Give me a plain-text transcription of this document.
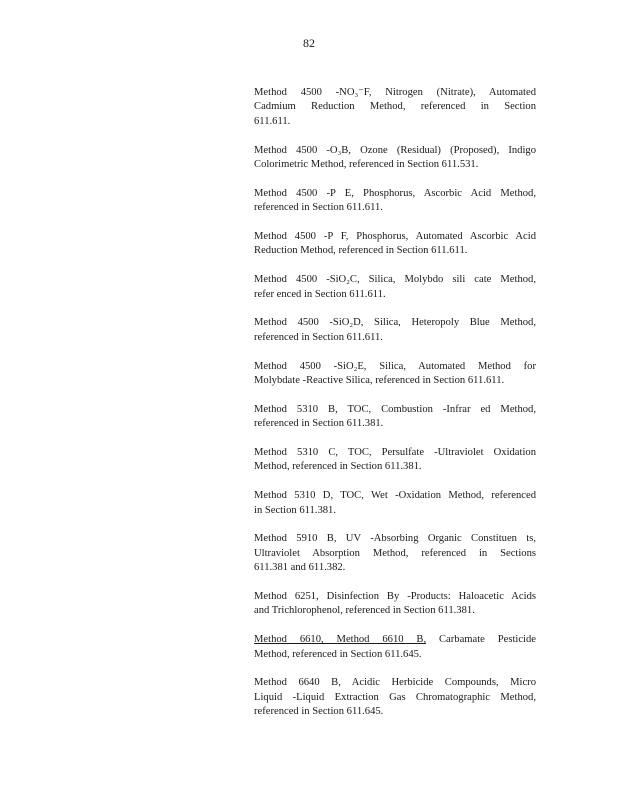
82
Method 4500 -NO₃⁻F, Nitrogen (Nitrate), Automated
Cadmium Reduction Method, referenced in Section
611.611.
Method 4500 -O₃B, Ozone (Residual) (Proposed), Indigo
Colorimetric Method, referenced in Section 611.531.
Method 4500 -P E, Phosphorus, Ascorbic Acid Method,
referenced in Section 611.611.
Method 4500 -P F, Phosphorus, Automated Ascorbic Acid
Reduction Method, referenced in Section 611.611.
Method 4500 -SiO₂C, Silica, Molybdo sili cate Method,
refer enced in Section 611.611.
Method 4500 -SiO₂D, Silica, Heteropoly Blue Method,
referenced in Section 611.611.
Method 4500 -SiO₂E, Silica, Automated Method for
Molybdate -Reactive Silica, referenced in Section 611.611.
Method 5310 B, TOC, Combustion -Infrar ed Method,
referenced in Section 611.381.
Method 5310 C, TOC, Persulfate -Ultraviolet Oxidation
Method, referenced in Section 611.381.
Method 5310 D, TOC, Wet -Oxidation Method, referenced
in Section 611.381.
Method 5910 B, UV -Absorbing Organic Constituen ts,
Ultraviolet Absorption Method, referenced in Sections
611.381 and 611.382.
Method 6251, Disinfection By -Products: Haloacetic Acids
and Trichlorophenol, referenced in Section 611.381.
Method 6610, Method 6610 B, Carbamate Pesticide
Method, referenced in Section 611.645.
Method 6640 B, Acidic Herbicide Compounds, Micro
Liquid -Liquid Extraction Gas Chromatographic Method,
referenced in Section 611.645.
